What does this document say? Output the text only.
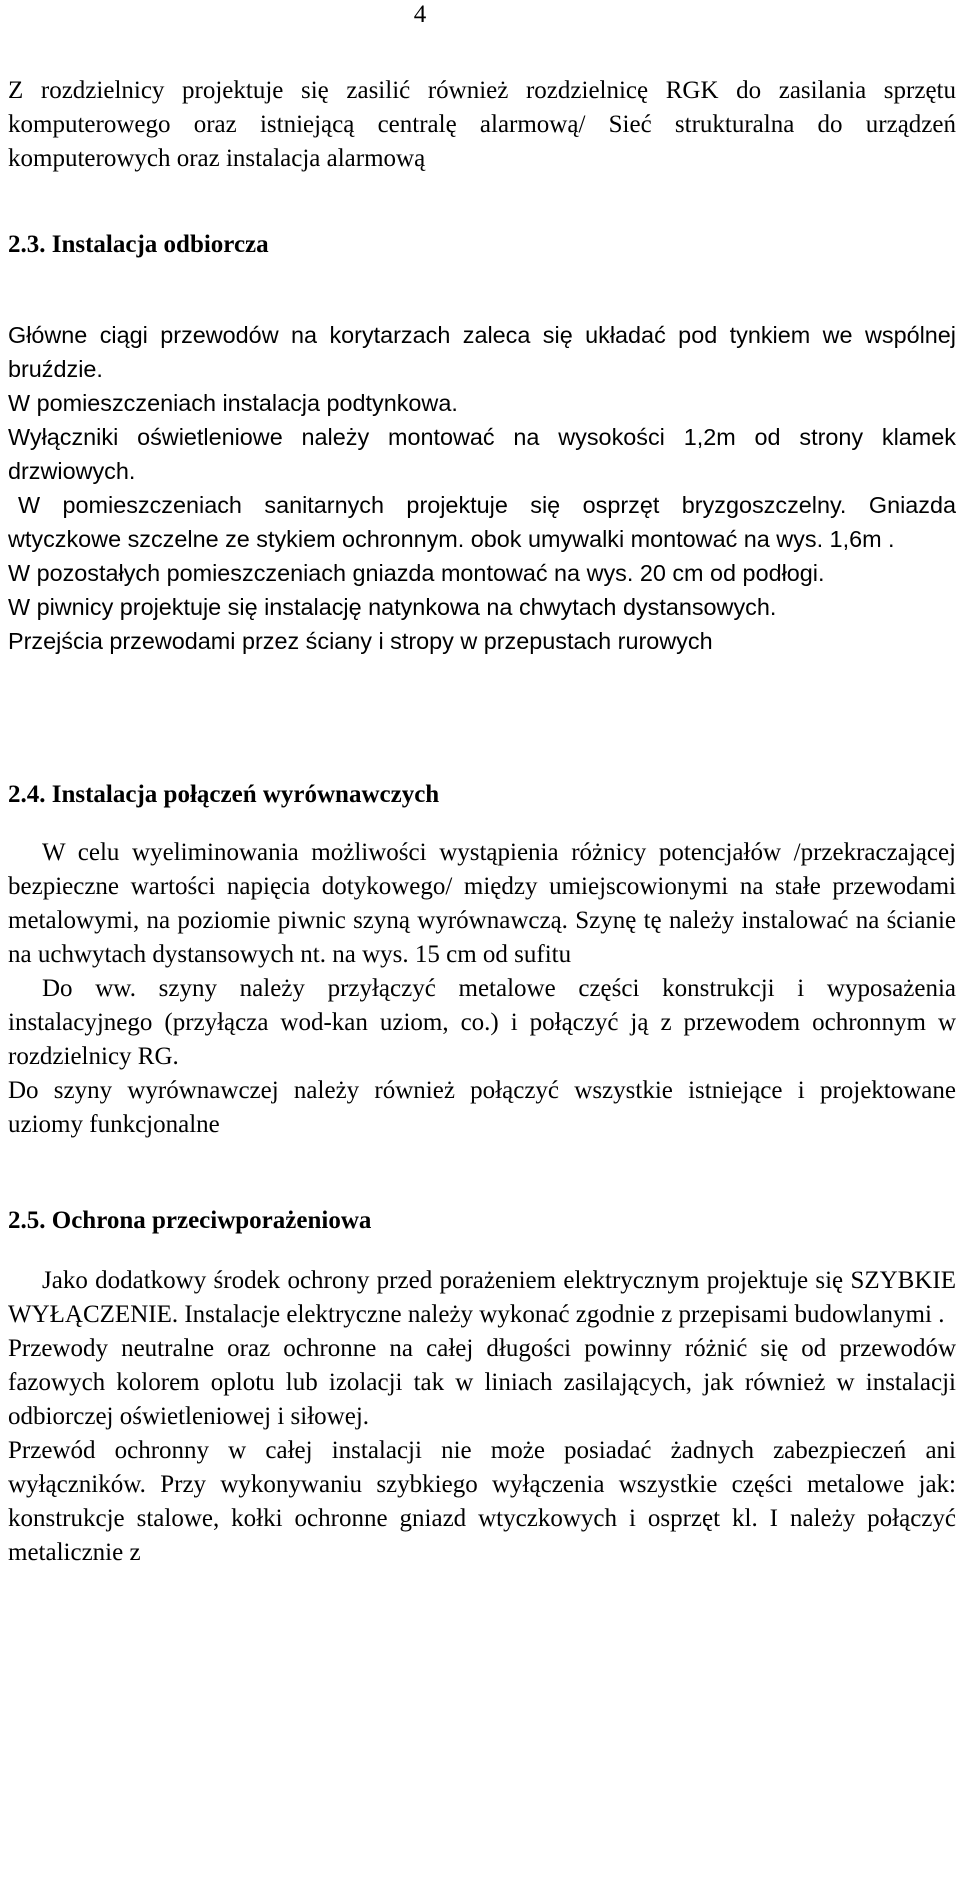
4

Z rozdzielnicy projektuje się zasilić również rozdzielnicę RGK do zasilania sprzętu komputerowego oraz istniejącą centralę alarmową/ Sieć strukturalna do urządzeń komputerowych oraz instalacja alarmową

2.3. Instalacja odbiorcza
Główne ciągi przewodów na korytarzach zaleca się układać pod tynkiem we wspólnej bruździe.
W pomieszczeniach instalacja podtynkowa.
Wyłączniki oświetleniowe należy montować na wysokości 1,2m od strony klamek drzwiowych.
W pomieszczeniach sanitarnych projektuje się osprzęt bryzgoszczelny. Gniazda wtyczkowe szczelne ze stykiem ochronnym. obok umywalki montować na wys. 1,6m .
W pozostałych pomieszczeniach gniazda montować na wys. 20 cm od podłogi.
W piwnicy projektuje się instalację natynkowa na chwytach dystansowych.
Przejścia przewodami przez ściany i stropy w przepustach rurowych
2.4. Instalacja połączeń wyrównawczych
W celu wyeliminowania możliwości wystąpienia różnicy potencjałów /przekraczającej bezpieczne wartości napięcia dotykowego/ między umiejscowionymi na stałe przewodami metalowymi, na poziomie piwnic szyną wyrównawczą. Szynę tę należy instalować na ścianie na uchwytach dystansowych nt. na wys. 15 cm od sufitu
Do ww. szyny należy przyłączyć metalowe części konstrukcji i wyposażenia instalacyjnego (przyłącza wod-kan uziom, co.) i połączyć ją z przewodem ochronnym w rozdzielnicy RG.
Do szyny wyrównawczej należy również połączyć wszystkie istniejące i projektowane uziomy funkcjonalne
2.5. Ochrona przeciwporażeniowa
Jako dodatkowy środek ochrony przed porażeniem elektrycznym projektuje się SZYBKIE WYŁĄCZENIE. Instalacje elektryczne należy wykonać zgodnie z przepisami budowlanymi .
Przewody neutralne oraz ochronne na całej długości powinny różnić się od przewodów fazowych kolorem oplotu lub izolacji tak w liniach zasilających, jak również w instalacji odbiorczej oświetleniowej i siłowej.
Przewód ochronny w całej instalacji nie może posiadać żadnych zabezpieczeń ani wyłączników. Przy wykonywaniu szybkiego wyłączenia wszystkie części metalowe jak: konstrukcje stalowe, kołki ochronne gniazd wtyczkowych i osprzęt kl. I należy połączyć metalicznie z
